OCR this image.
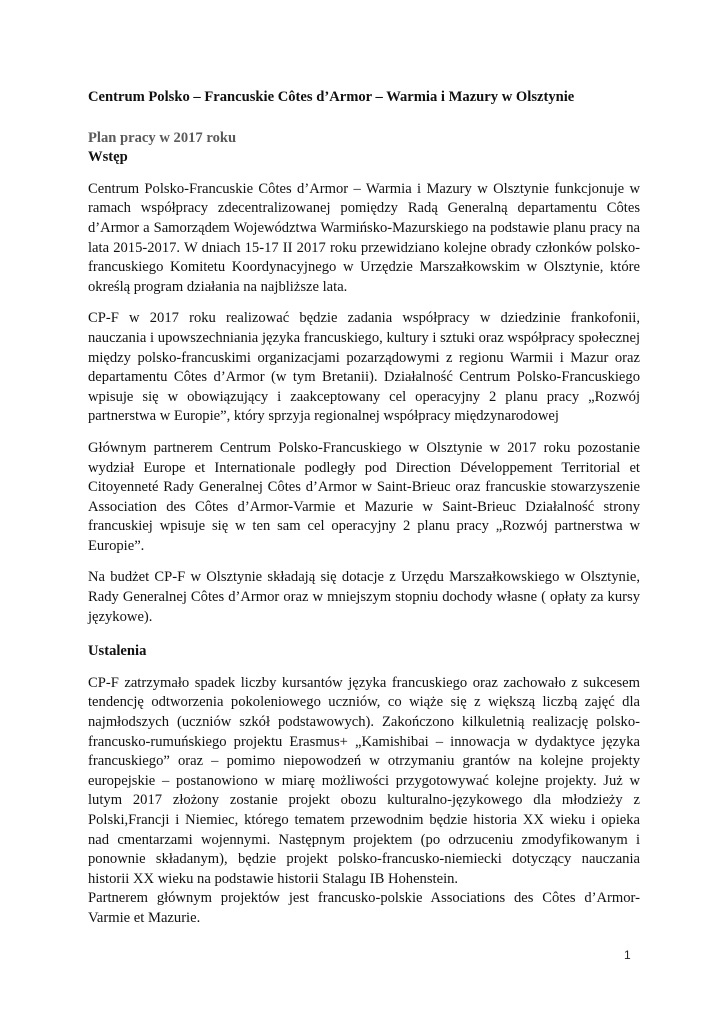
Centrum Polsko – Francuskie Côtes d’Armor – Warmia i Mazury w Olsztynie

Plan pracy w 2017 roku

Wstęp

Centrum Polsko-Francuskie Côtes d’Armor – Warmia i Mazury w Olsztynie funkcjonuje w
ramach współpracy zdecentralizowanej pomiędzy Radą Generalną departamentu Côtes
d’Armor a Samorządem Województwa Warmińsko-Mazurskiego na podstawie planu pracy na
lata 2015-2017. W dniach 15-17 II 2017 roku przewidziano kolejne obrady członków polsko-
francuskiego Komitetu Koordynacyjnego w Urzędzie Marszałkowskim w Olsztynie, które
określą program działania na najbliższe lata.
CP-F w 2017 roku realizować będzie zadania współpracy w dziedzinie frankofonii,
nauczania i upowszechniania języka francuskiego, kultury i sztuki oraz współpracy społecznej
między polsko-francuskimi organizacjami pozarządowymi z regionu Warmii i Mazur oraz
departamentu Côtes d’Armor (w tym Bretanii). Działalność Centrum Polsko-Francuskiego
wpisuje się w obowiązujący i zaakceptowany cel operacyjny 2 planu pracy „Rozwój
partnerstwa w Europie”, który sprzyja regionalnej współpracy międzynarodowej
Głównym partnerem Centrum Polsko-Francuskiego w Olsztynie w 2017 roku pozostanie
wydział Europe et Internationale podległy pod Direction Développement Territorial et
Citoyenneté Rady Generalnej Côtes d’Armor w Saint-Brieuc oraz francuskie stowarzyszenie
Association des Côtes d’Armor-Varmie et Mazurie w Saint-Brieuc Działalność strony
francuskiej wpisuje się w ten sam cel operacyjny 2 planu pracy „Rozwój partnerstwa w
Europie”.
Na budżet CP-F w Olsztynie składają się dotacje z Urzędu Marszałkowskiego w Olsztynie,
Rady Generalnej Côtes d’Armor oraz w mniejszym stopniu dochody własne ( opłaty za kursy
językowe).

Ustalenia

CP-F zatrzymało spadek liczby kursantów języka francuskiego oraz zachowało z sukcesem
tendencję odtworzenia pokoleniowego uczniów, co wiąże się z większą liczbą zajęć dla
najmłodszych (uczniów szkół podstawowych). Zakończono kilkuletnią realizację polsko-
francusko-rumuńskiego projektu Erasmus+ „Kamishibai – innowacja w dydaktyce języka
francuskiego” oraz – pomimo niepowodzeń w otrzymaniu grantów na kolejne projekty
europejskie – postanowiono w miarę możliwości przygotowywać kolejne projekty. Już w
lutym 2017 złożony zostanie projekt obozu kulturalno-językowego dla młodzieży z
Polski,Francji i Niemiec, którego tematem przewodnim będzie historia XX wieku i opieka
nad cmentarzami wojennymi. Następnym projektem (po odrzuceniu zmodyfikowanym i
ponownie składanym), będzie projekt polsko-francusko-niemiecki dotyczący nauczania
historii XX wieku na podstawie historii Stalagu IB Hohenstein.
Partnerem głównym projektów jest francusko-polskie Associations des Côtes d’Armor-
Varmie et Mazurie.
1
